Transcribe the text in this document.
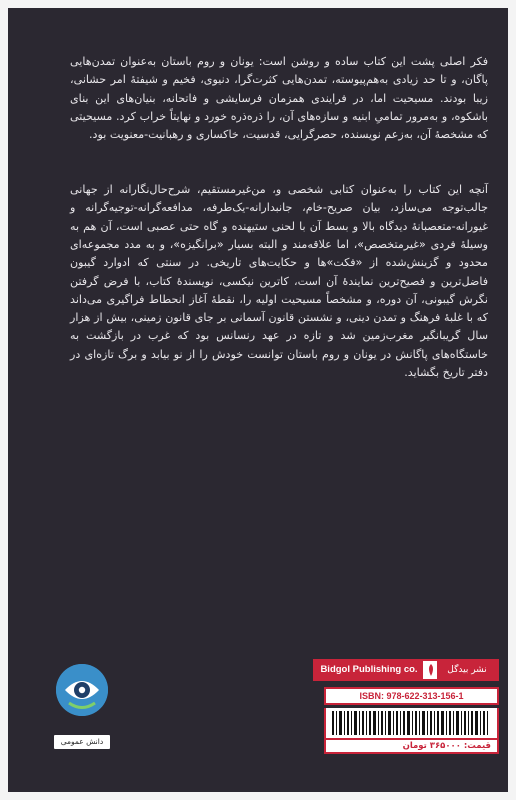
فکر اصلی پشت این کتاب ساده و روشن است: یونان و روم باستان به‌عنوان تمدن‌هایی پاگان، و تا حد زیادی به‌هم‌پیوسته، تمدن‌هایی کثرت‌گرا، دنیوی، فخیم و شیفتهٔ امر حشانی، زیبا بودند. مسیحیت اما، در فرایندی همزمان فرسایشی و فاتحانه، بنیان‌های این بنای باشکوه، و به‌مرور تمامیِ ابنیه و سازه‌های آن، را ذره‌ذره خورد و نهایتاً خراب کرد. مسیحیتی که مشخصهٔ آن، به‌زعم نویسنده، حصرگرایی، قدسیت، خاکساری و رهبانیت-معنویت بود.

آنچه این کتاب را به‌عنوان کتابی شخصی و، من‌غیرمستقیم، شرح‌حال‌نگارانه از جهانی جالب‌توجه می‌سازد، بیان صریح-خام، جانبدارانه-یک‌طرفه، مدافعه‌گرانه-توجیه‌گرانه و غیورانه-متعصبانهٔ دیدگاه بالا و بسط آن با لحنی ستیهنده و گاه حتی عصبی است، آن هم به وسیلهٔ فردی «غیرمتخصص»، اما علاقه‌مند و البته بسیار «برانگیزه»، و به مدد مجموعه‌ای محدود و گزینش‌شده از «فکت»ها و حکایت‌های تاریخی. در سنتی که ادوارد گیبون فاضل‌ترین و فصیح‌ترین نمایندهٔ آن است، کاترین نیکسی، نویسندهٔ کتاب، با فرض گرفتن نگرش گیبونی، آن دوره، و مشخصاً مسیحیت اولیه را، نقطهٔ آغاز انحطاط فراگیری می‌داند که با غلبهٔ فرهنگ و تمدن دینی، و نشستن قانون آسمانی بر جای قانون زمینی، بیش از هزار سال گریبانگیر مغرب‌زمین شد و تازه در عهد رنسانس بود که غرب در بازگشت به خاستگاه‌های پاگانش در یونان و روم باستان توانست خودش را از نو بیابد و برگ تازه‌ای در دفتر تاریخ بگشاید.

دانش عمومی
Bidgol Publishing co.	نشر بیدگل
ISBN: 978-622-313-156-1
قیمت: ۳۶۵۰۰۰ تومان
